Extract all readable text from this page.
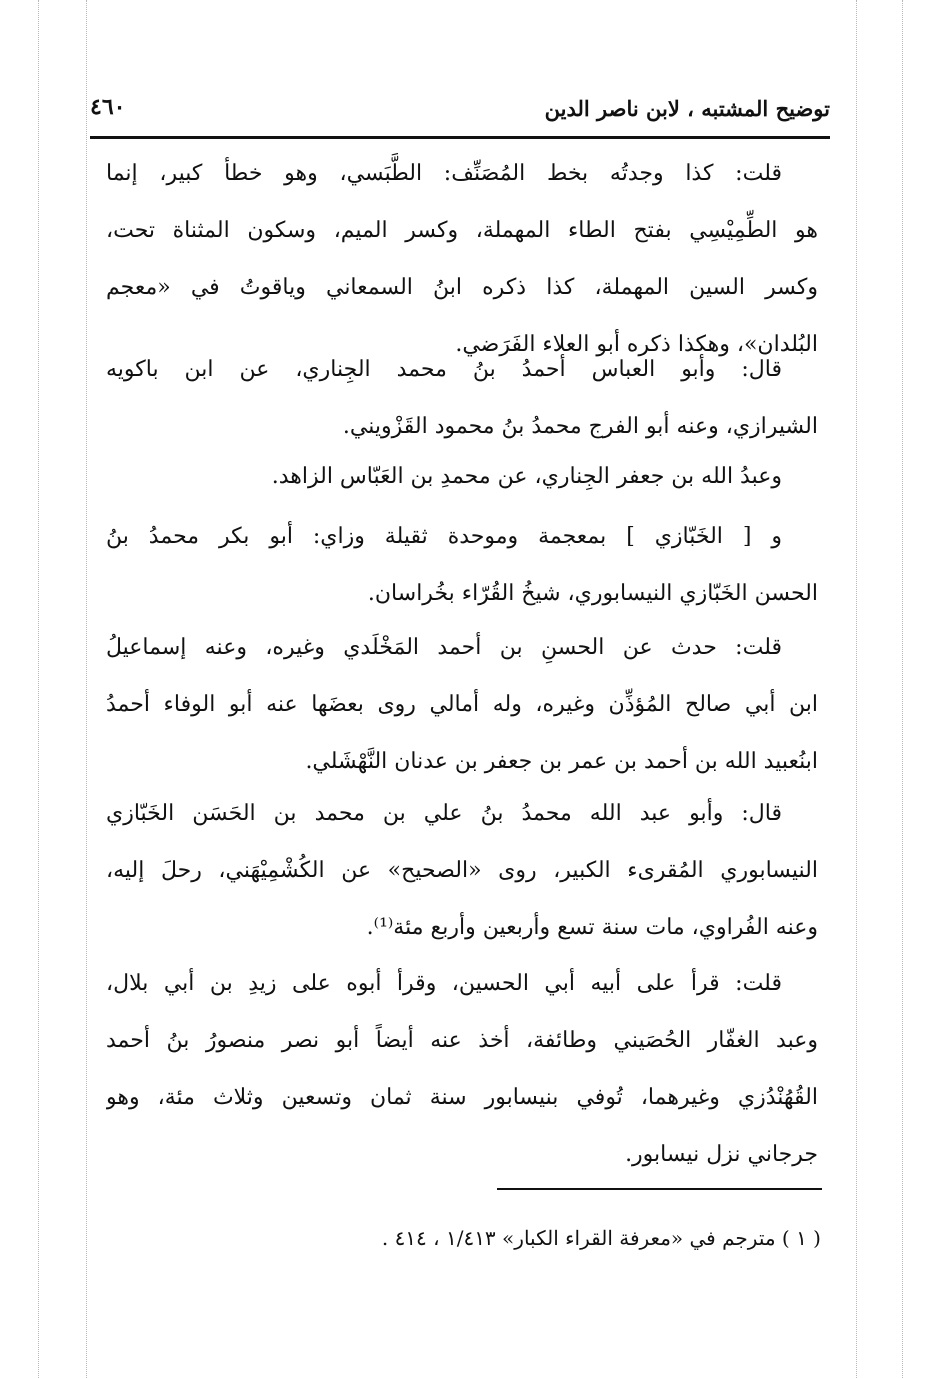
توضيح المشتبه ، لابن ناصر الدين
٤٦٠
قلت: كذا وجدتُه بخط المُصَنِّف: الطَّبَسي، وهو خطأ كبير، إنما
هو الطِّمِيْسِي بفتح الطاء المهملة، وكسر الميم، وسكون المثناة تحت،
وكسر السين المهملة، كذا ذكره ابنُ السمعاني وياقوتُ في «معجم
البُلدان»، وهكذا ذكره أبو العلاء الفَرَضي.
قال: وأبو العباس أحمدُ بنُ محمد الجِناري، عن ابن باكويه
الشيرازي، وعنه أبو الفرج محمدُ بنُ محمود القَزْويني.
وعبدُ الله بن جعفر الجِناري، عن محمدِ بن العَبّاس الزاهد.
و [ الخَبّازي ] بمعجمة وموحدة ثقيلة وزاي: أبو بكر محمدُ بنُ
الحسن الخَبّازي النيسابوري، شيخُ القُرّاء بخُراسان.
قلت: حدث عن الحسنِ بن أحمد المَخْلَدي وغيره، وعنه إسماعيلُ
ابن أبي صالح المُؤذِّن وغيره، وله أمالي روى بعضَها عنه أبو الوفاء أحمدُ
ابنُعبيد الله بن أحمد بن عمر بن جعفر بن عدنان النَّهْشَلي.
قال: وأبو عبد الله محمدُ بنُ علي بن محمد بن الحَسَن الخَبّازي
النيسابوري المُقرىء الكبير، روى «الصحيح» عن الكُشْمِيْهَني، رحلَ إليه،
وعنه الفُراوي، مات سنة تسع وأربعين وأربع مئة⁽¹⁾.
قلت: قرأ على أبيه أبي الحسين، وقرأ أبوه على زيدِ بن أبي بلال،
وعبد الغفّار الحُصَيني وطائفة، أخذ عنه أيضاً أبو نصر منصورُ بنُ أحمد
القُهُنْدُزي وغيرهما، تُوفي بنيسابور سنة ثمان وتسعين وثلاث مئة، وهو
جرجاني نزل نيسابور.
( ١ ) مترجم في «معرفة القراء الكبار» ١/٤١٣ ، ٤١٤ .
